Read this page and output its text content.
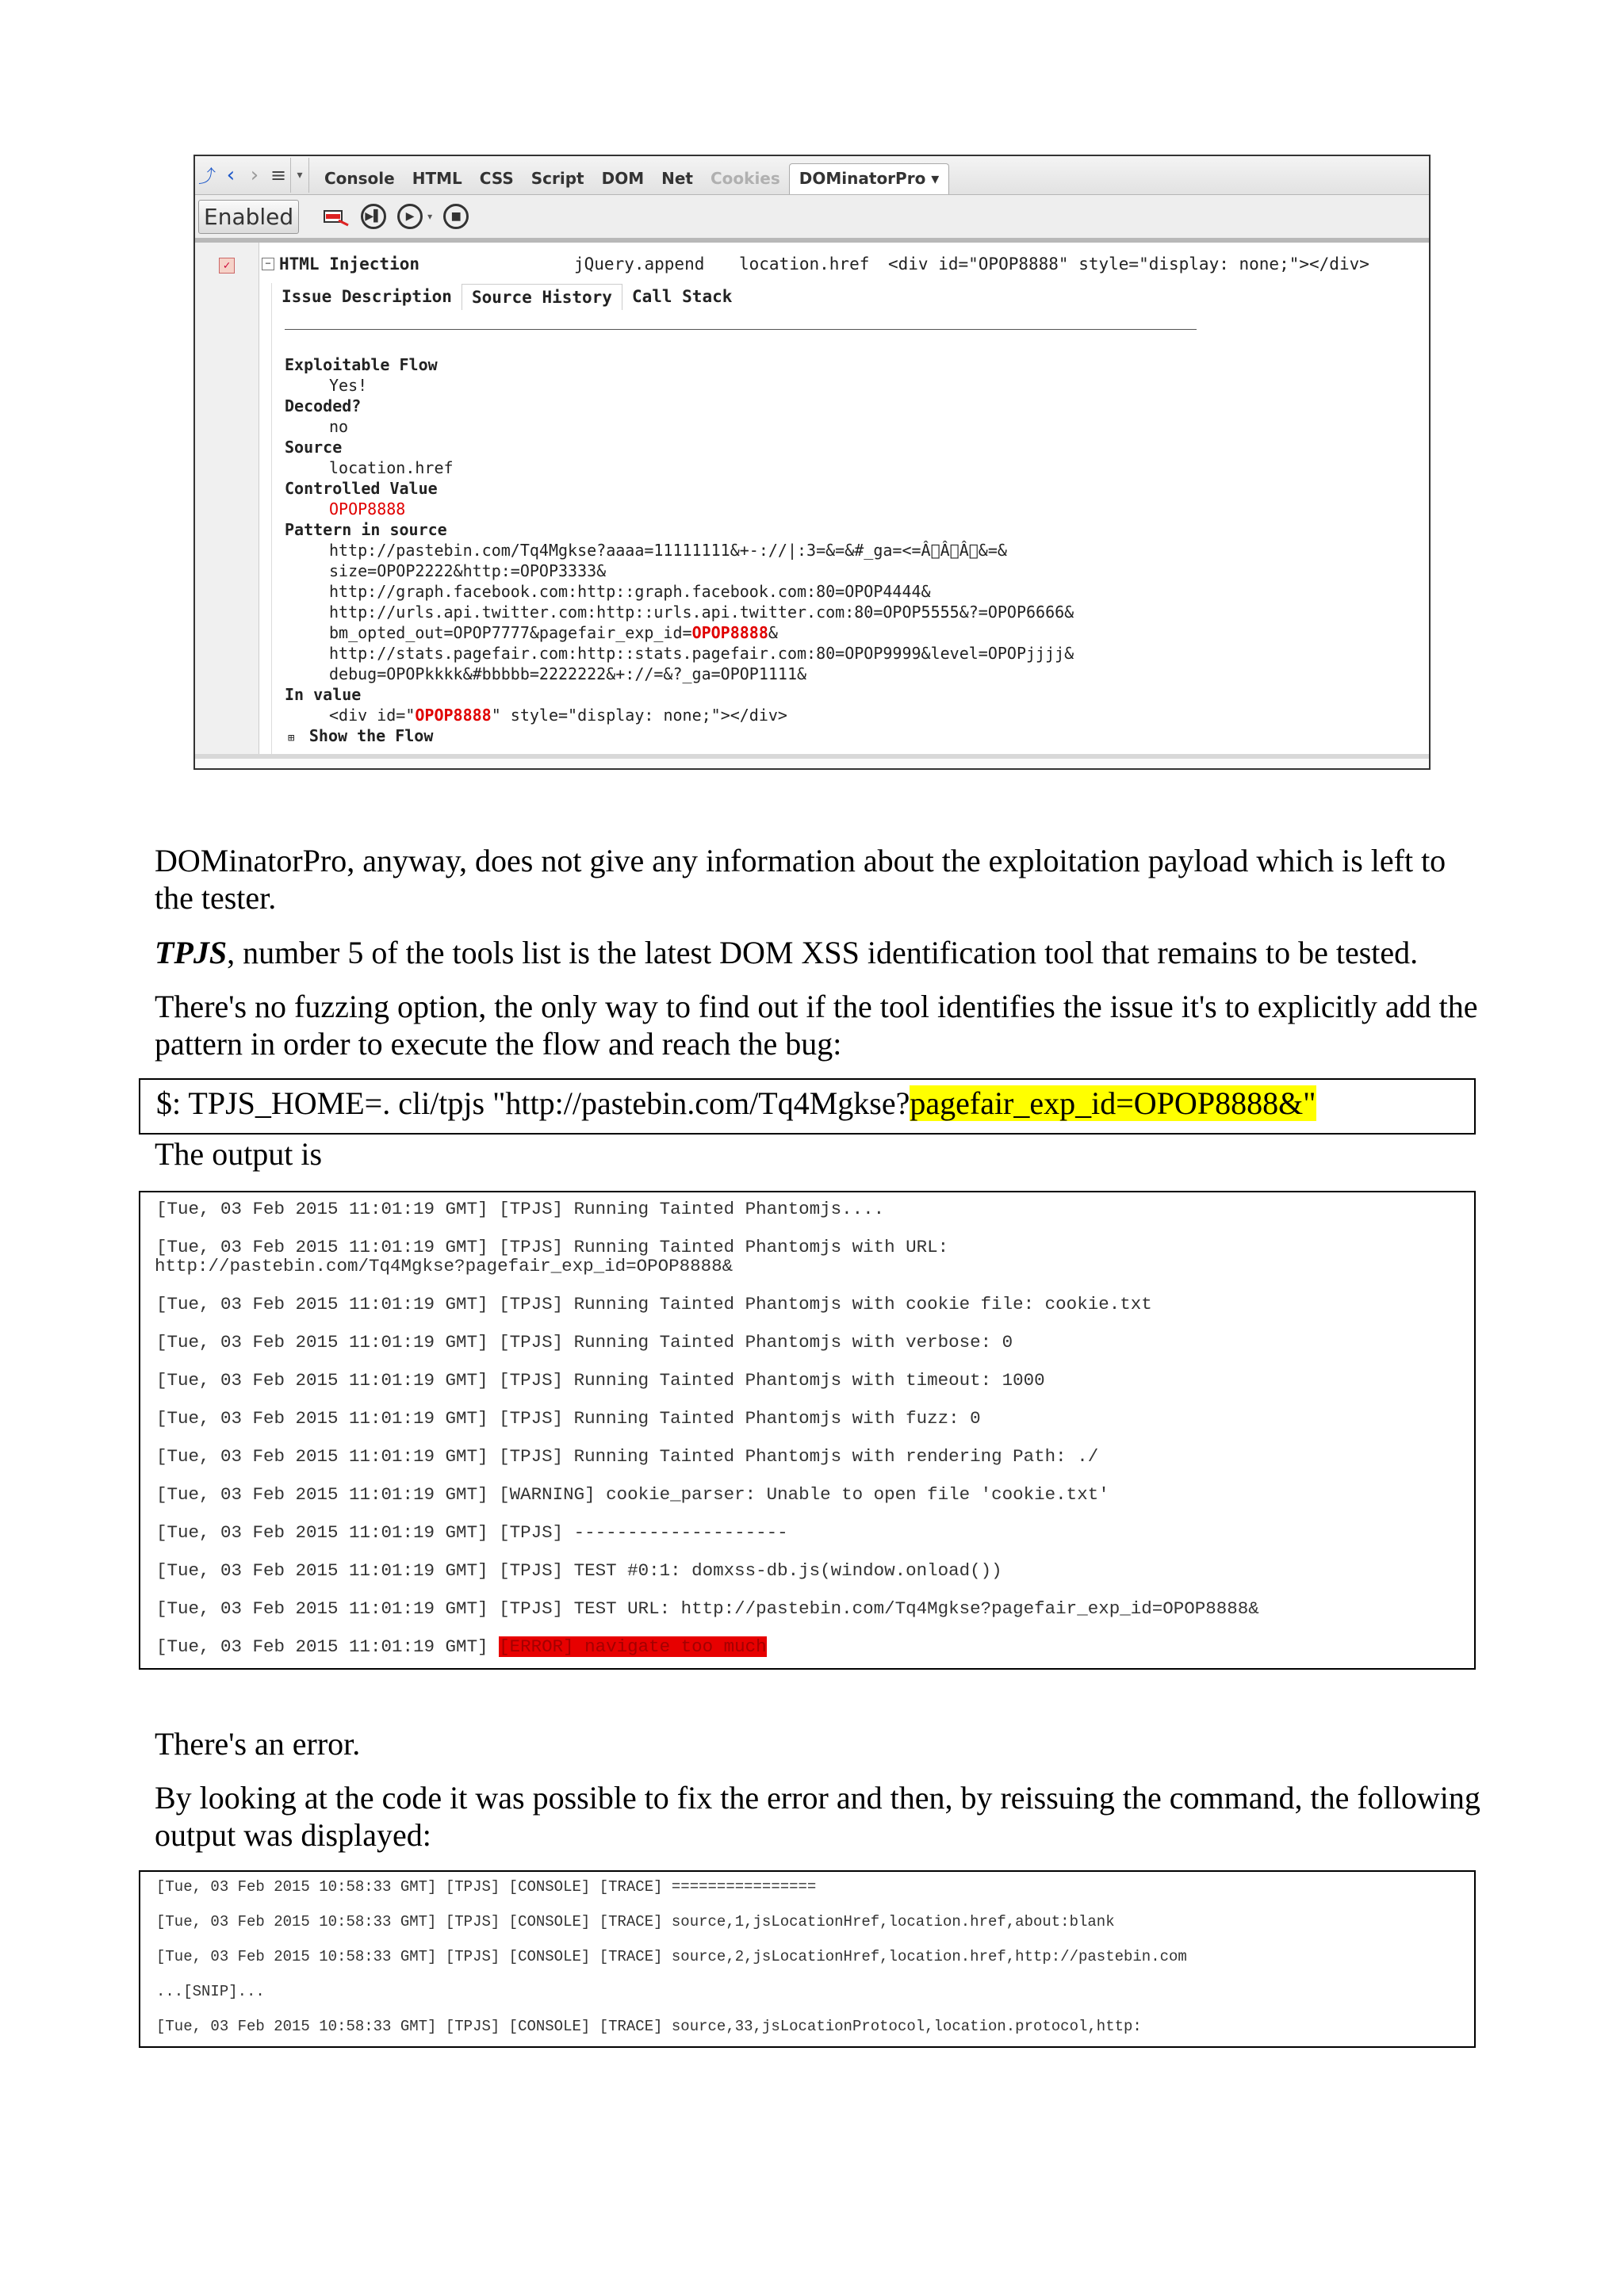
⤴ ‹ › ≡ ▾	Console	HTML	CSS	Script	DOM	Net	Cookies	DOMinatorPro ▾
Enabled	▶▌	▶	▾	■
✓	− HTML Injection	jQuery.append location.href <div id="OPOP8888" style="display: none;"></div>
Issue Description	Source History	Call Stack
Exploitable Flow
Yes!
Decoded?
no
Source
location.href
Controlled Value
OPOP8888
Pattern in source
http://pastebin.com/Tq4Mgkse?aaaa=11111111&+-://|:3=&=&#_ga=<=Â Â Â &=&
size=OPOP2222&http:=OPOP3333&
http://graph.facebook.com:http::graph.facebook.com:80=OPOP4444&
http://urls.api.twitter.com:http::urls.api.twitter.com:80=OPOP5555&?=OPOP6666&
bm_opted_out=OPOP7777&pagefair_exp_id=OPOP8888&
http://stats.pagefair.com:http::stats.pagefair.com:80=OPOP9999&level=OPOPjjjj&
debug=OPOPkkkk&#bbbbb=2222222&+://=&?_ga=OPOP1111&
In value
<div id="OPOP8888" style="display: none;"></div>
⊞ Show the Flow
DOMinatorPro, anyway, does not give any information about the exploitation payload which is left to the tester.
TPJS, number 5 of the tools list is the latest DOM XSS identification tool that remains to be tested.
There's no fuzzing option, the only way to find out if the tool identifies the issue it's to explicitly add the pattern in order to execute the flow and reach the bug:
$: TPJS_HOME=. cli/tpjs "http://pastebin.com/Tq4Mgkse?pagefair_exp_id=OPOP8888&"
The output is
[Tue, 03 Feb 2015 11:01:19 GMT] [TPJS] Running Tainted Phantomjs....
[Tue, 03 Feb 2015 11:01:19 GMT] [TPJS] Running Tainted Phantomjs with URL:
http://pastebin.com/Tq4Mgkse?pagefair_exp_id=OPOP8888&
[Tue, 03 Feb 2015 11:01:19 GMT] [TPJS] Running Tainted Phantomjs with cookie file: cookie.txt
[Tue, 03 Feb 2015 11:01:19 GMT] [TPJS] Running Tainted Phantomjs with verbose: 0
[Tue, 03 Feb 2015 11:01:19 GMT] [TPJS] Running Tainted Phantomjs with timeout: 1000
[Tue, 03 Feb 2015 11:01:19 GMT] [TPJS] Running Tainted Phantomjs with fuzz: 0
[Tue, 03 Feb 2015 11:01:19 GMT] [TPJS] Running Tainted Phantomjs with rendering Path: ./
[Tue, 03 Feb 2015 11:01:19 GMT] [WARNING] cookie_parser: Unable to open file 'cookie.txt'
[Tue, 03 Feb 2015 11:01:19 GMT] [TPJS] --------------------
[Tue, 03 Feb 2015 11:01:19 GMT] [TPJS] TEST #0:1: domxss-db.js(window.onload())
[Tue, 03 Feb 2015 11:01:19 GMT] [TPJS] TEST URL: http://pastebin.com/Tq4Mgkse?pagefair_exp_id=OPOP8888&
[Tue, 03 Feb 2015 11:01:19 GMT] [ERROR] navigate too much
There's an error.
By looking at the code it was possible to fix the error and then, by reissuing the command, the following output was displayed:
[Tue, 03 Feb 2015 10:58:33 GMT] [TPJS] [CONSOLE] [TRACE] ================
[Tue, 03 Feb 2015 10:58:33 GMT] [TPJS] [CONSOLE] [TRACE] source,1,jsLocationHref,location.href,about:blank
[Tue, 03 Feb 2015 10:58:33 GMT] [TPJS] [CONSOLE] [TRACE] source,2,jsLocationHref,location.href,http://pastebin.com
...[SNIP]...
[Tue, 03 Feb 2015 10:58:33 GMT] [TPJS] [CONSOLE] [TRACE] source,33,jsLocationProtocol,location.protocol,http:
